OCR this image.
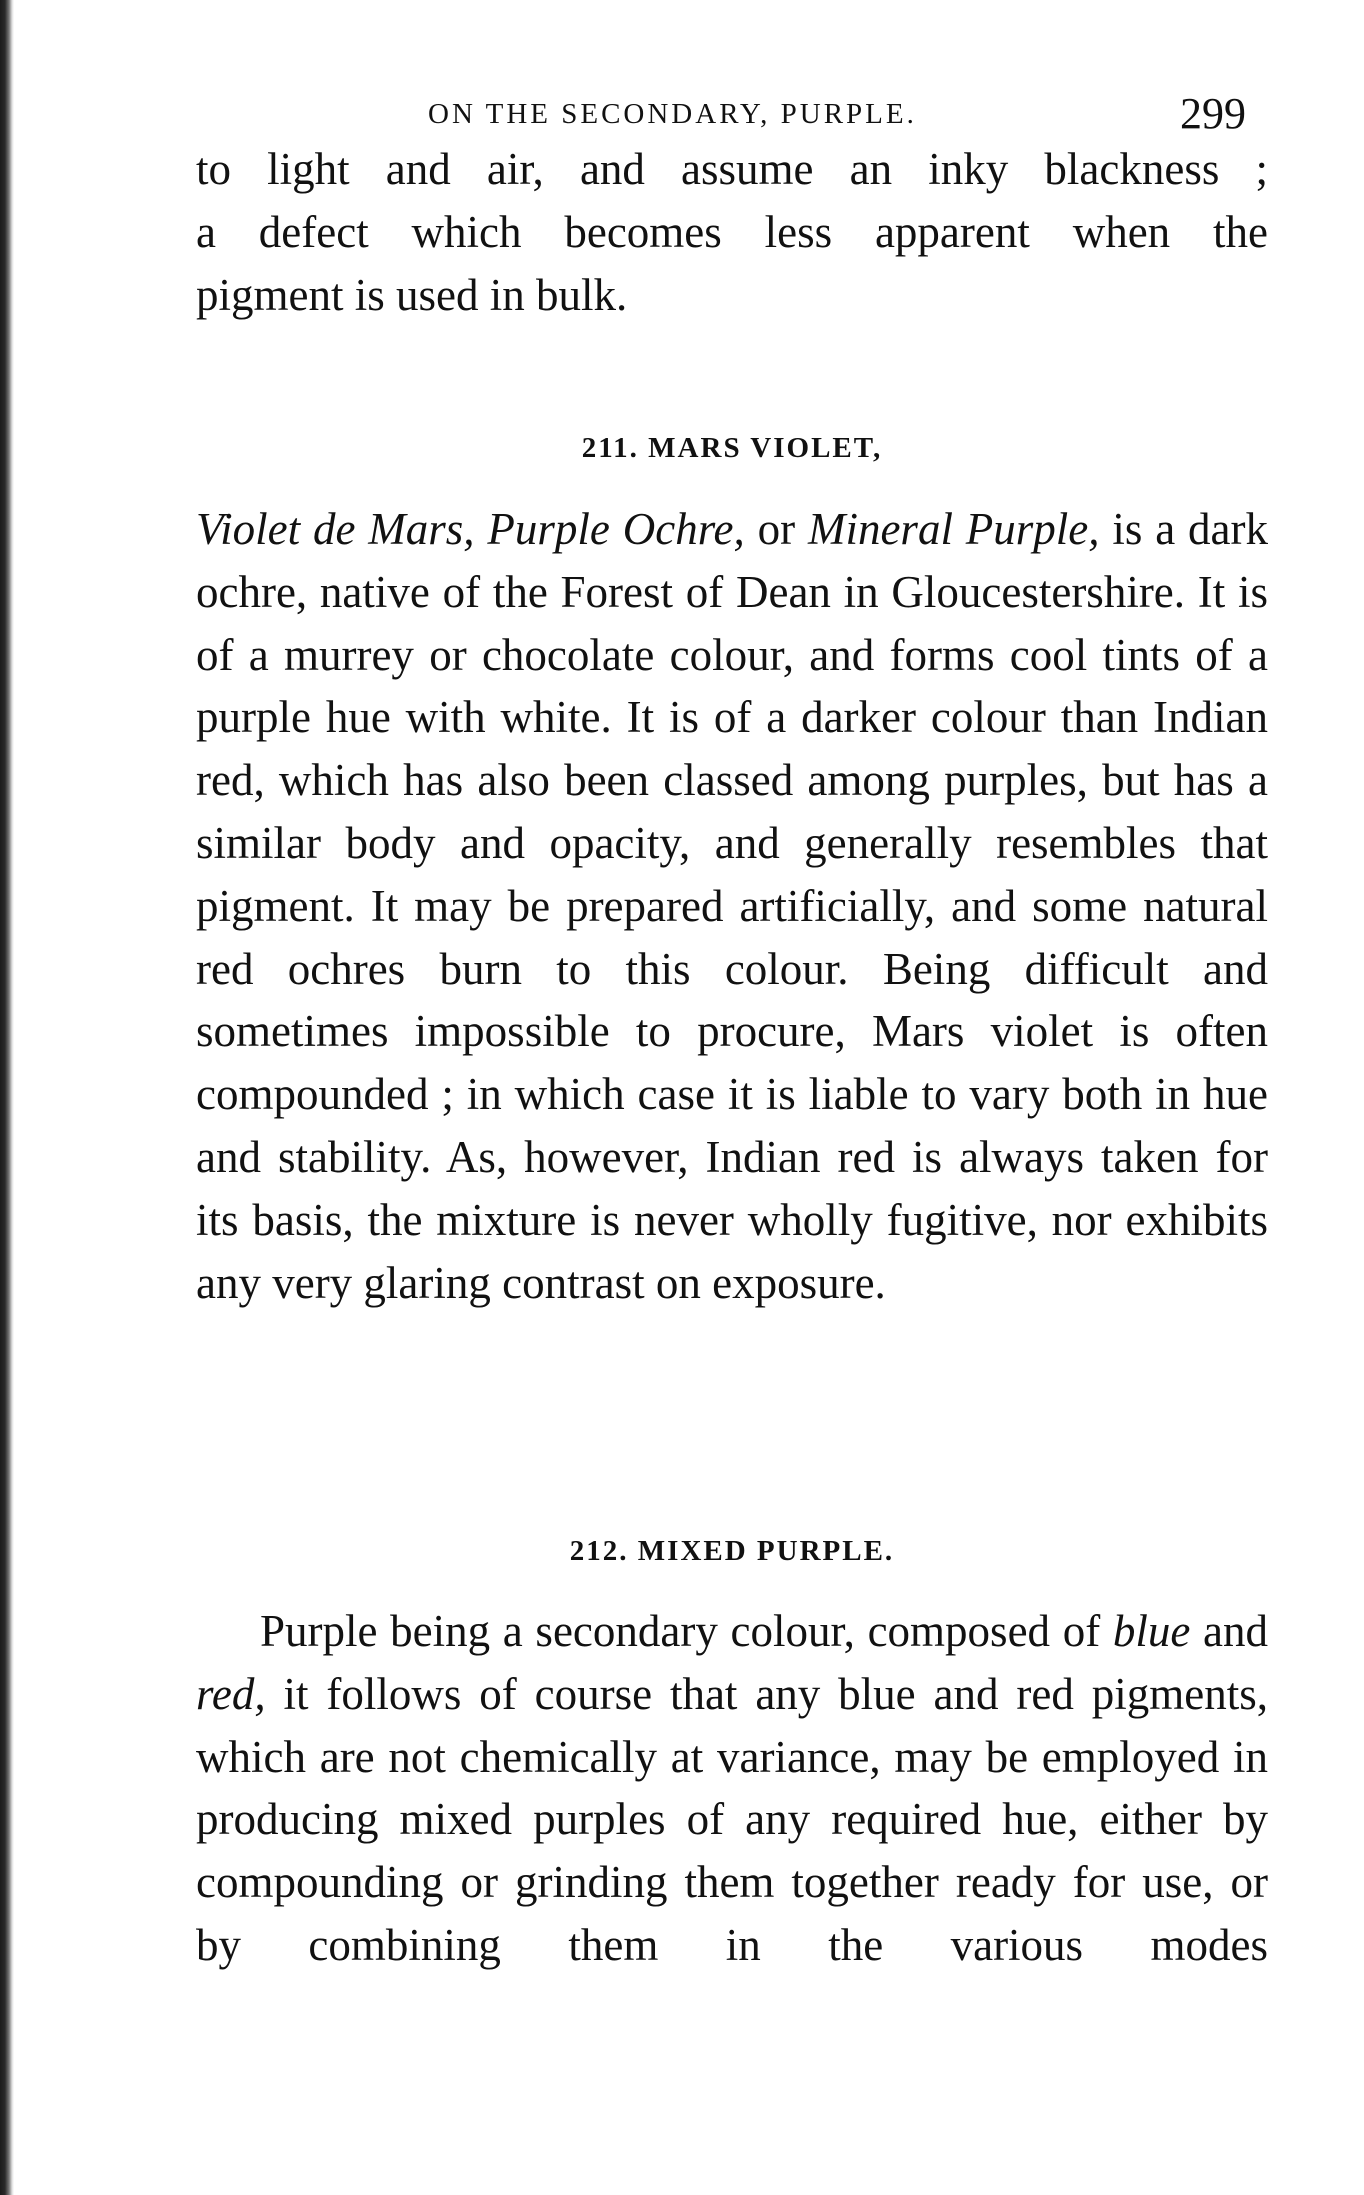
ON THE SECONDARY, PURPLE.	299

to light and air, and assume an inky blackness ;
a defect which becomes less apparent when the
pigment is used in bulk.

211. MARS VIOLET,

Violet de Mars, Purple Ochre, or Mineral Purple, is a dark ochre, native of the Forest of Dean in Gloucestershire. It is of a murrey or chocolate colour, and forms cool tints of a purple hue with white. It is of a darker colour than Indian red, which has also been classed among purples, but has a similar body and opacity, and generally resembles that pigment. It may be prepared artificially, and some natural red ochres burn to this colour. Being difficult and sometimes impossible to procure, Mars violet is often compounded ; in which case it is liable to vary both in hue and stability. As, however, Indian red is always taken for its basis, the mixture is never wholly fugitive, nor exhibits any very glaring contrast on exposure.

212. MIXED PURPLE.

Purple being a secondary colour, composed of blue and red, it follows of course that any blue and red pigments, which are not chemically at variance, may be employed in producing mixed purples of any required hue, either by compounding or grinding them together ready for use, or by combining them in the various modes
